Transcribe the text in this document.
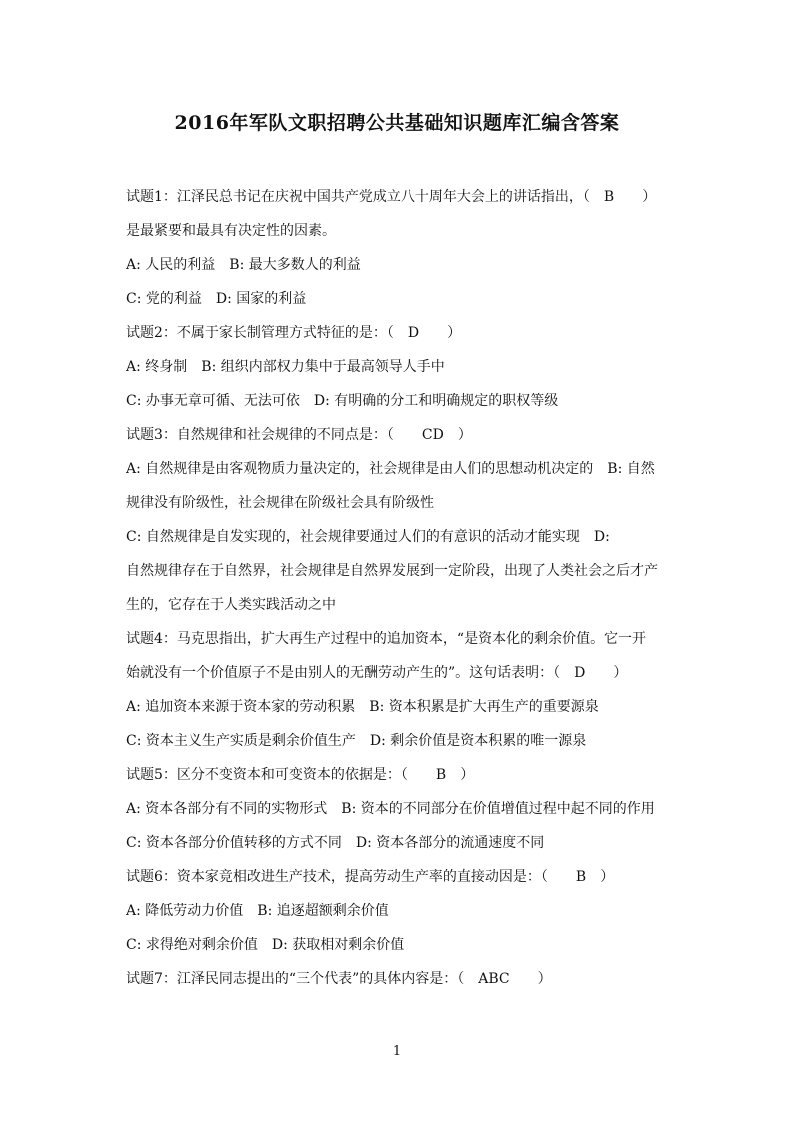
2016年军队文职招聘公共基础知识题库汇编含答案
试题1：江泽民总书记在庆祝中国共产党成立八十周年大会上的讲话指出，（　B　　）
是最紧要和最具有决定性的因素。
A: 人民的利益　B: 最大多数人的利益
C: 党的利益　D: 国家的利益
试题2：不属于家长制管理方式特征的是：（　D　　）
A: 终身制　B: 组织内部权力集中于最高领导人手中
C: 办事无章可循、无法可依　D: 有明确的分工和明确规定的职权等级
试题3：自然规律和社会规律的不同点是：（　　CD　）
A: 自然规律是由客观物质力量决定的，社会规律是由人们的思想动机决定的　B: 自然
规律没有阶级性，社会规律在阶级社会具有阶级性
C: 自然规律是自发实现的，社会规律要通过人们的有意识的活动才能实现　D:
自然规律存在于自然界，社会规律是自然界发展到一定阶段，出现了人类社会之后才产
生的，它存在于人类实践活动之中
试题4：马克思指出，扩大再生产过程中的追加资本，“是资本化的剩余价值。它一开
始就没有一个价值原子不是由别人的无酬劳动产生的”。这句话表明：（　D　　）
A: 追加资本来源于资本家的劳动积累　B: 资本积累是扩大再生产的重要源泉
C: 资本主义生产实质是剩余价值生产　D: 剩余价值是资本积累的唯一源泉
试题5：区分不变资本和可变资本的依据是：（　　B　）
A: 资本各部分有不同的实物形式　B: 资本的不同部分在价值增值过程中起不同的作用
C: 资本各部分价值转移的方式不同　D: 资本各部分的流通速度不同
试题6：资本家竞相改进生产技术，提高劳动生产率的直接动因是：（　　B　）
A: 降低劳动力价值　B: 追逐超额剩余价值
C: 求得绝对剩余价值　D: 获取相对剩余价值
试题7：江泽民同志提出的“三个代表”的具体内容是：（　ABC　　）
1
